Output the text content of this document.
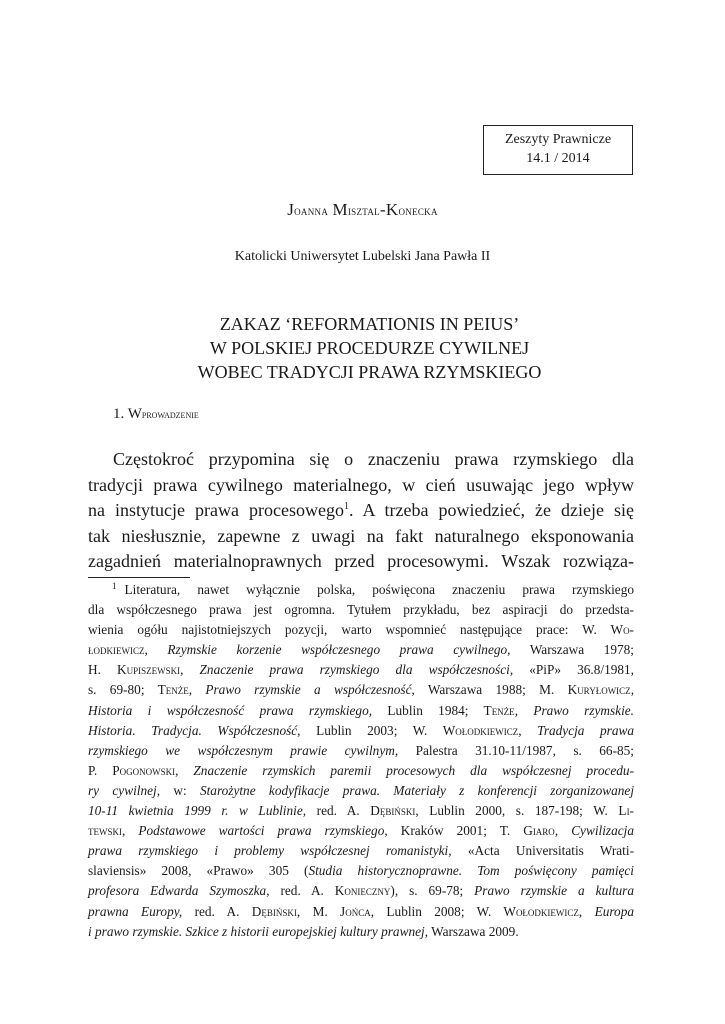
Zeszyty Prawnicze
14.1 / 2014
Joanna Misztal-Konecka
Katolicki Uniwersytet Lubelski Jana Pawła II
ZAKAZ ‘REFORMATIONIS IN PEIUS’
W POLSKIEJ PROCEDURZE CYWILNEJ
WOBEC TRADYCJI PRAWA RZYMSKIEGO
1. Wprowadzenie
Częstokroć przypomina się o znaczeniu prawa rzymskiego dla
tradycji prawa cywilnego materialnego, w cień usuwając jego wpływ
na instytucje prawa procesowego$^1$. A trzeba powiedzieć, że dzieje się
tak niesłusznie, zapewne z uwagi na fakt naturalnego eksponowania
zagadnień materialnoprawnych przed procesowymi. Wszak rozwiąza-
$^1$ Literatura, nawet wyłącznie polska, poświęcona znaczeniu prawa rzymskiego
dla współczesnego prawa jest ogromna. Tytułem przykładu, bez aspiracji do przedsta-
wienia ogółu najistotniejszych pozycji, warto wspomnieć następujące prace: W. Wo-
łodkiewicz, Rzymskie korzenie współczesnego prawa cywilnego, Warszawa 1978;
H. Kupiszewski, Znaczenie prawa rzymskiego dla współczesności, «PiP» 36.8/1981,
s. 69-80; Tenże, Prawo rzymskie a współczesność, Warszawa 1988; M. Kuryłowicz,
Historia i współczesność prawa rzymskiego, Lublin 1984; Tenże, Prawo rzymskie.
Historia. Tradycja. Współczesność, Lublin 2003; W. Wołodkiewicz, Tradycja prawa
rzymskiego we współczesnym prawie cywilnym, Palestra 31.10-11/1987, s. 66-85;
P. Pogonowski, Znaczenie rzymskich paremii procesowych dla współczesnej procedu-
ry cywilnej, w: Starożytne kodyfikacje prawa. Materiały z konferencji zorganizowanej
10-11 kwietnia 1999 r. w Lublinie, red. A. Dębiński, Lublin 2000, s. 187-198; W. Li-
tewski, Podstawowe wartości prawa rzymskiego, Kraków 2001; T. Giaro, Cywilizacja
prawa rzymskiego i problemy współczesnej romanistyki, «Acta Universitatis Wrati-
slaviensis» 2008, «Prawo» 305 (Studia historycznoprawne. Tom poświęcony pamięci
profesora Edwarda Szymoszka, red. A. Konieczny), s. 69-78; Prawo rzymskie a kultura
prawna Europy, red. A. Dębiński, M. Jońca, Lublin 2008; W. Wołodkiewicz, Europa
i prawo rzymskie. Szkice z historii europejskiej kultury prawnej, Warszawa 2009.
